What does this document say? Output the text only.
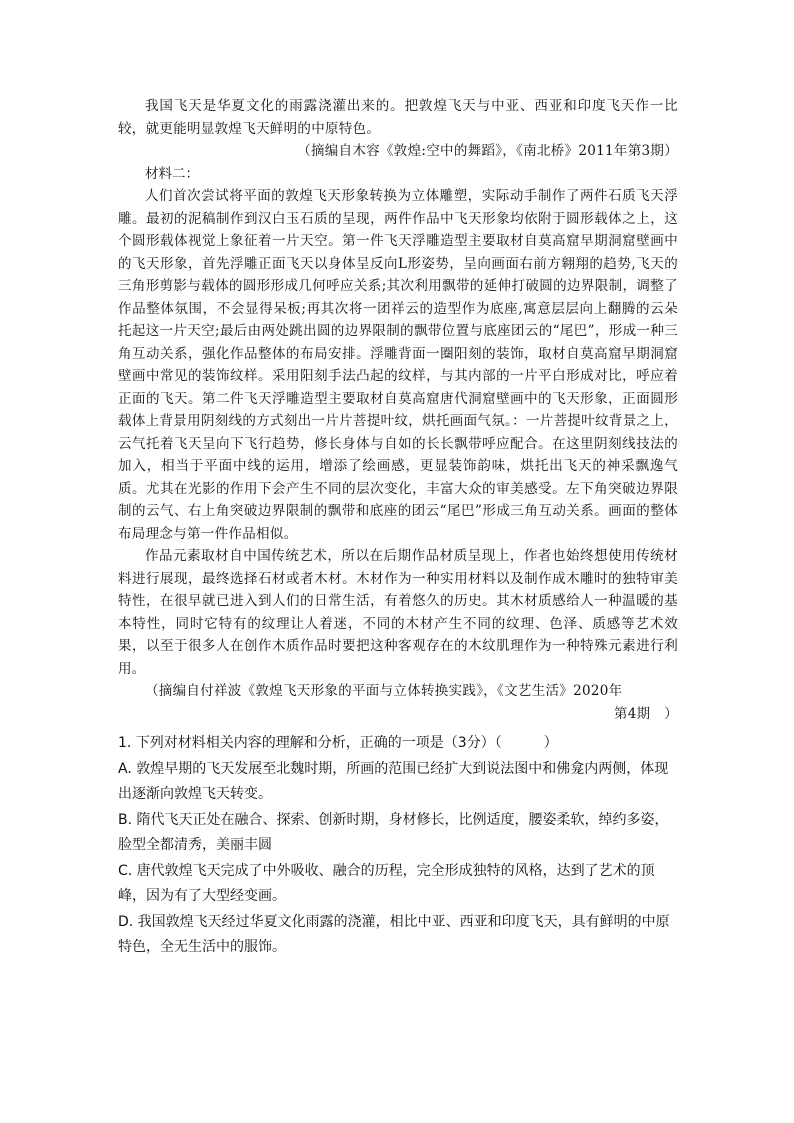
我国飞天是华夏文化的雨露浇灌出来的。把敦煌飞天与中亚、西亚和印度飞天作一比较，就更能明显敦煌飞天鲜明的中原特色。

（摘编自木容《敦煌:空中的舞蹈》，《南北桥》2011年第3期）

材料二：

人们首次尝试将平面的敦煌飞天形象转换为立体雕塑，实际动手制作了两件石质飞天浮雕。最初的泥稿制作到汉白玉石质的呈现，两件作品中飞天形象均依附于圆形载体之上，这个圆形载体视觉上象征着一片天空。第一件飞天浮雕造型主要取材自莫高窟早期洞窟壁画中的飞天形象，首先浮雕正面飞天以身体呈反向L形姿势，呈向画面右前方翱翔的趋势,飞天的三角形剪影与载体的圆形形成几何呼应关系;其次利用飘带的延伸打破圆的边界限制，调整了作品整体氛围，不会显得呆板;再其次将一团祥云的造型作为底座,寓意层层向上翻腾的云朵托起这一片天空;最后由两处跳出圆的边界限制的飘带位置与底座团云的“尾巴”，形成一种三角互动关系，强化作品整体的布局安排。浮雕背面一圈阳刻的装饰，取材自莫高窟早期洞窟壁画中常见的装饰纹样。采用阳刻手法凸起的纹样，与其内部的一片平白形成对比，呼应着正面的飞天。第二件飞天浮雕造型主要取材自莫高窟唐代洞窟壁画中的飞天形象，正面圆形载体上背景用阴刻线的方式刻出一片片菩提叶纹，烘托画面气氛。：一片菩提叶纹背景之上，云气托着飞天呈向下飞行趋势，修长身体与自如的长长飘带呼应配合。在这里阴刻线技法的加入，相当于平面中线的运用，增添了绘画感，更显装饰韵味，烘托出飞天的神采飘逸气质。尤其在光影的作用下会产生不同的层次变化，丰富大众的审美感受。左下角突破边界限制的云气、右上角突破边界限制的飘带和底座的团云“尾巴”形成三角互动关系。画面的整体布局理念与第一件作品相似。

作品元素取材自中国传统艺术，所以在后期作品材质呈现上，作者也始终想使用传统材料进行展现，最终选择石材或者木材。木材作为一种实用材料以及制作成木雕时的独特审美特性，在很早就已进入到人们的日常生活，有着悠久的历史。其木材质感给人一种温暖的基本特性，同时它特有的纹理让人着迷，不同的木材产生不同的纹理、色泽、质感等艺术效果，以至于很多人在创作木质作品时要把这种客观存在的木纹肌理作为一种特殊元素进行利用。

（摘编自付祥波《敦煌飞天形象的平面与立体转换实践》，《文艺生活》2020年

第4期　）

1. 下列对材料相关内容的理解和分析，正确的一项是（3分）（　　　）

A. 敦煌早期的飞天发展至北魏时期，所画的范围已经扩大到说法图中和佛龛内两侧，体现出逐渐向敦煌飞天转变。

B. 隋代飞天正处在融合、探索、创新时期，身材修长，比例适度，腰姿柔软，绰约多姿，脸型全都清秀，美丽丰圆

C. 唐代敦煌飞天完成了中外吸收、融合的历程，完全形成独特的风格，达到了艺术的顶峰，因为有了大型经变画。

D. 我国敦煌飞天经过华夏文化雨露的浇灌，相比中亚、西亚和印度飞天，具有鲜明的中原特色，全无生活中的服饰。
